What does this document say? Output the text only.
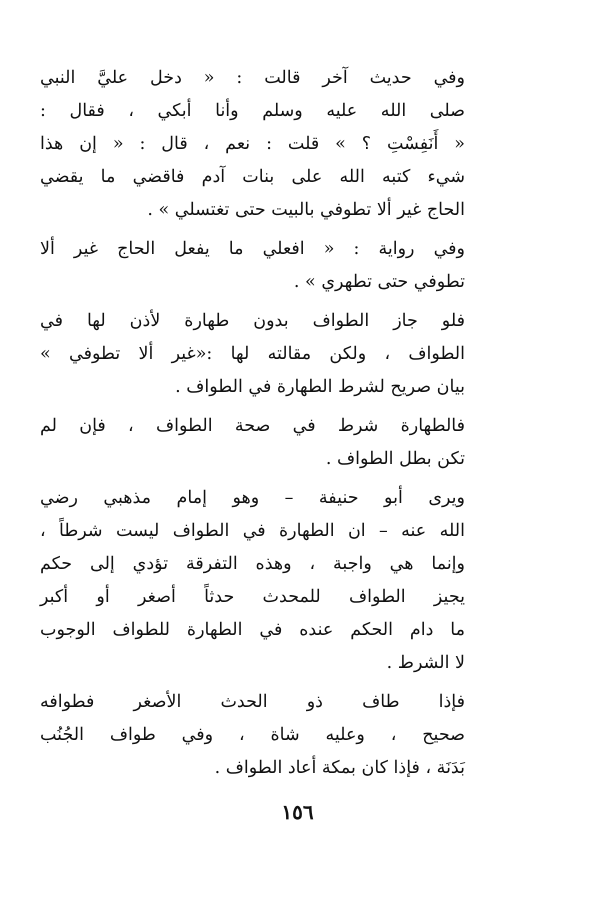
وفي حديث آخر قالت : « دخل عليَّ النبي
صلى الله عليه وسلم وأنا أبكي ، فقال :
« أَنَفِسْتِ ؟ » قلت : نعم ، قال : « إن هذا
شيء كتبه الله على بنات آدم فاقضي ما يقضي
الحاج غير ألا تطوفي بالبيت حتى تغتسلي » .
وفي رواية : « افعلي ما يفعل الحاج غير ألا
تطوفي حتى تطهري » .
فلو جاز الطواف بدون طهارة لأذن لها في
الطواف ، ولكن مقالته لها :«غير ألا تطوفي »
بيان صريح لشرط الطهارة في الطواف .
فالطهارة شرط في صحة الطواف ، فإن لم
تكن بطل الطواف .
ويرى أبو حنيفة – وهو إمام مذهبي رضي
الله عنه – ان الطهارة في الطواف ليست شرطاً ،
وإنما هي واجبة ، وهذه التفرقة تؤدي إلى حكم
يجيز الطواف للمحدث حدثاً أصغر أو أكبر
ما دام الحكم عنده في الطهارة للطواف الوجوب
لا الشرط .
فإذا طاف ذو الحدث الأصغر فطوافه
صحيح ، وعليه شاة ، وفي طواف الجُنُب
بَدَنَة ، فإذا كان بمكة أعاد الطواف .
١٥٦
